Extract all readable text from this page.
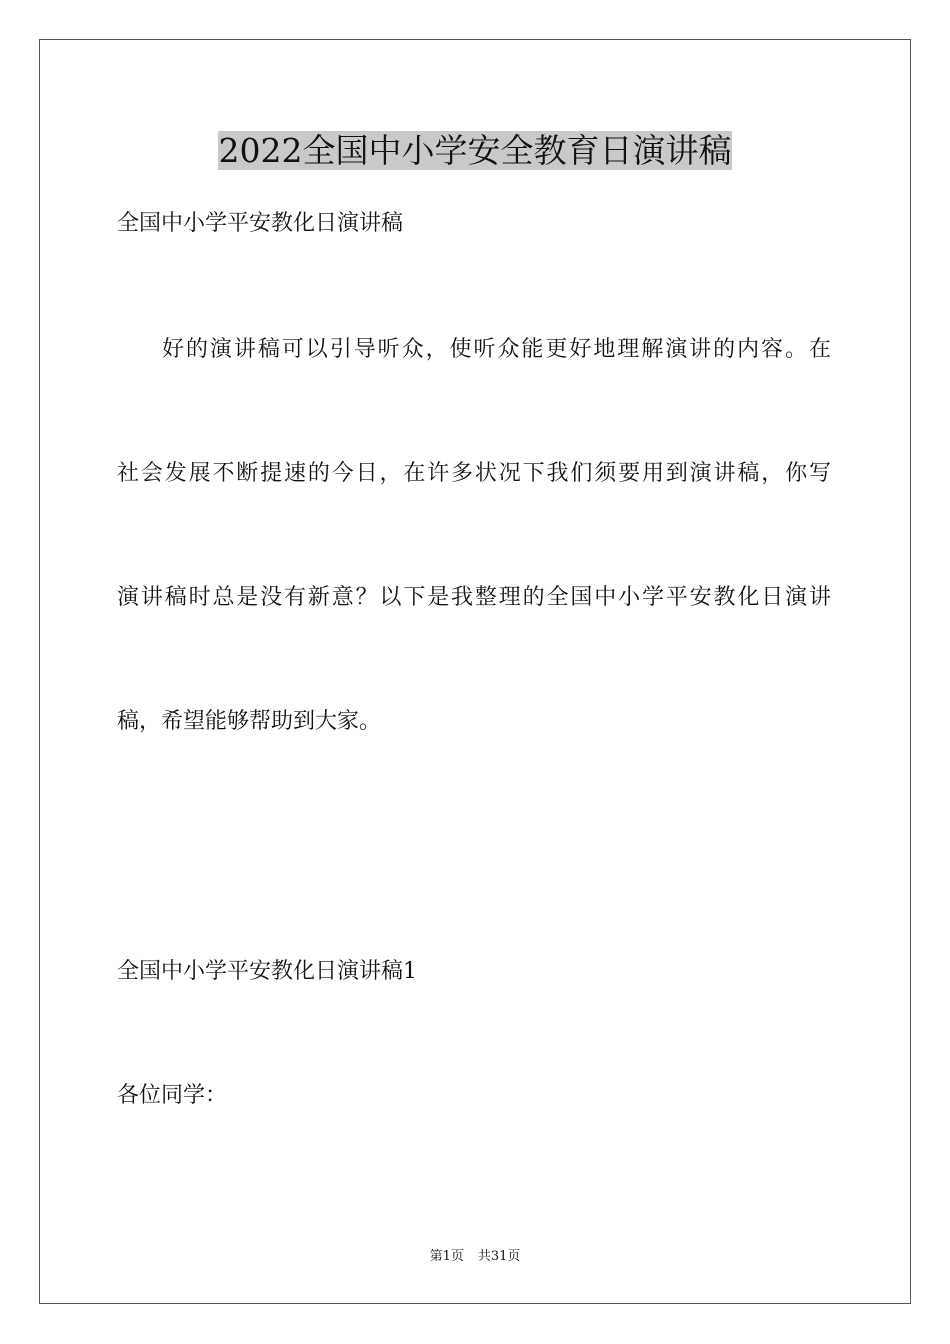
2022全国中小学安全教育日演讲稿
全国中小学平安教化日演讲稿
好的演讲稿可以引导听众，使听众能更好地理解演讲的内容。在
社会发展不断提速的今日，在许多状况下我们须要用到演讲稿，你写
演讲稿时总是没有新意？以下是我整理的全国中小学平安教化日演讲
稿，希望能够帮助到大家。
全国中小学平安教化日演讲稿1
各位同学：
第1页 共31页
